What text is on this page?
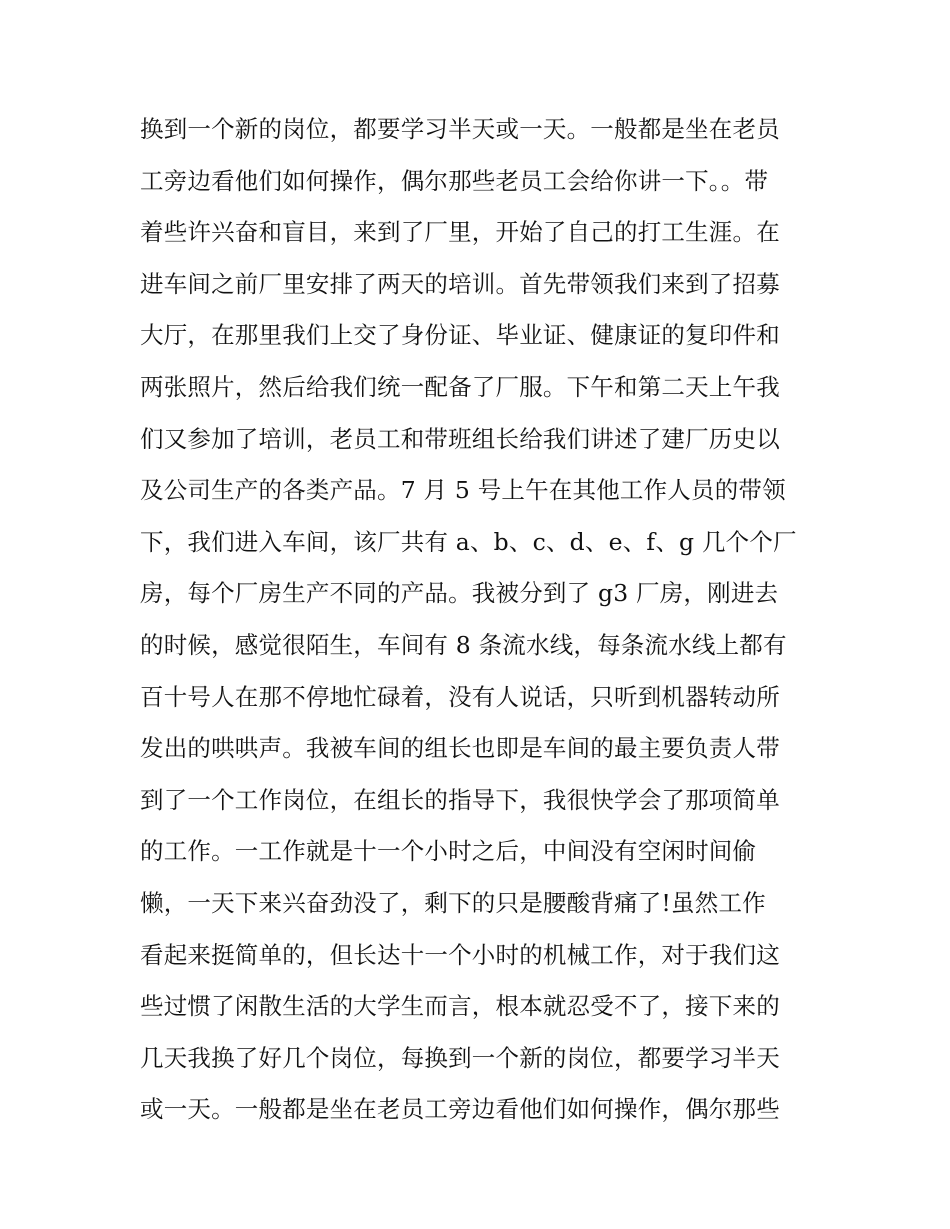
换到一个新的岗位，都要学习半天或一天。一般都是坐在老员
工旁边看他们如何操作，偶尔那些老员工会给你讲一下。。带
着些许兴奋和盲目，来到了厂里，开始了自己的打工生涯。在
进车间之前厂里安排了两天的培训。首先带领我们来到了招募
大厅，在那里我们上交了身份证、毕业证、健康证的复印件和
两张照片，然后给我们统一配备了厂服。下午和第二天上午我
们又参加了培训，老员工和带班组长给我们讲述了建厂历史以
及公司生产的各类产品。7 月 5 号上午在其他工作人员的带领
下，我们进入车间，该厂共有 a、b、c、d、e、f、g 几个个厂
房，每个厂房生产不同的产品。我被分到了 g3 厂房，刚进去
的时候，感觉很陌生，车间有 8 条流水线，每条流水线上都有
百十号人在那不停地忙碌着，没有人说话，只听到机器转动所
发出的哄哄声。我被车间的组长也即是车间的最主要负责人带
到了一个工作岗位，在组长的指导下，我很快学会了那项简单
的工作。一工作就是十一个小时之后，中间没有空闲时间偷
懒，一天下来兴奋劲没了，剩下的只是腰酸背痛了!虽然工作
看起来挺简单的，但长达十一个小时的机械工作，对于我们这
些过惯了闲散生活的大学生而言，根本就忍受不了，接下来的
几天我换了好几个岗位，每换到一个新的岗位，都要学习半天
或一天。一般都是坐在老员工旁边看他们如何操作，偶尔那些
